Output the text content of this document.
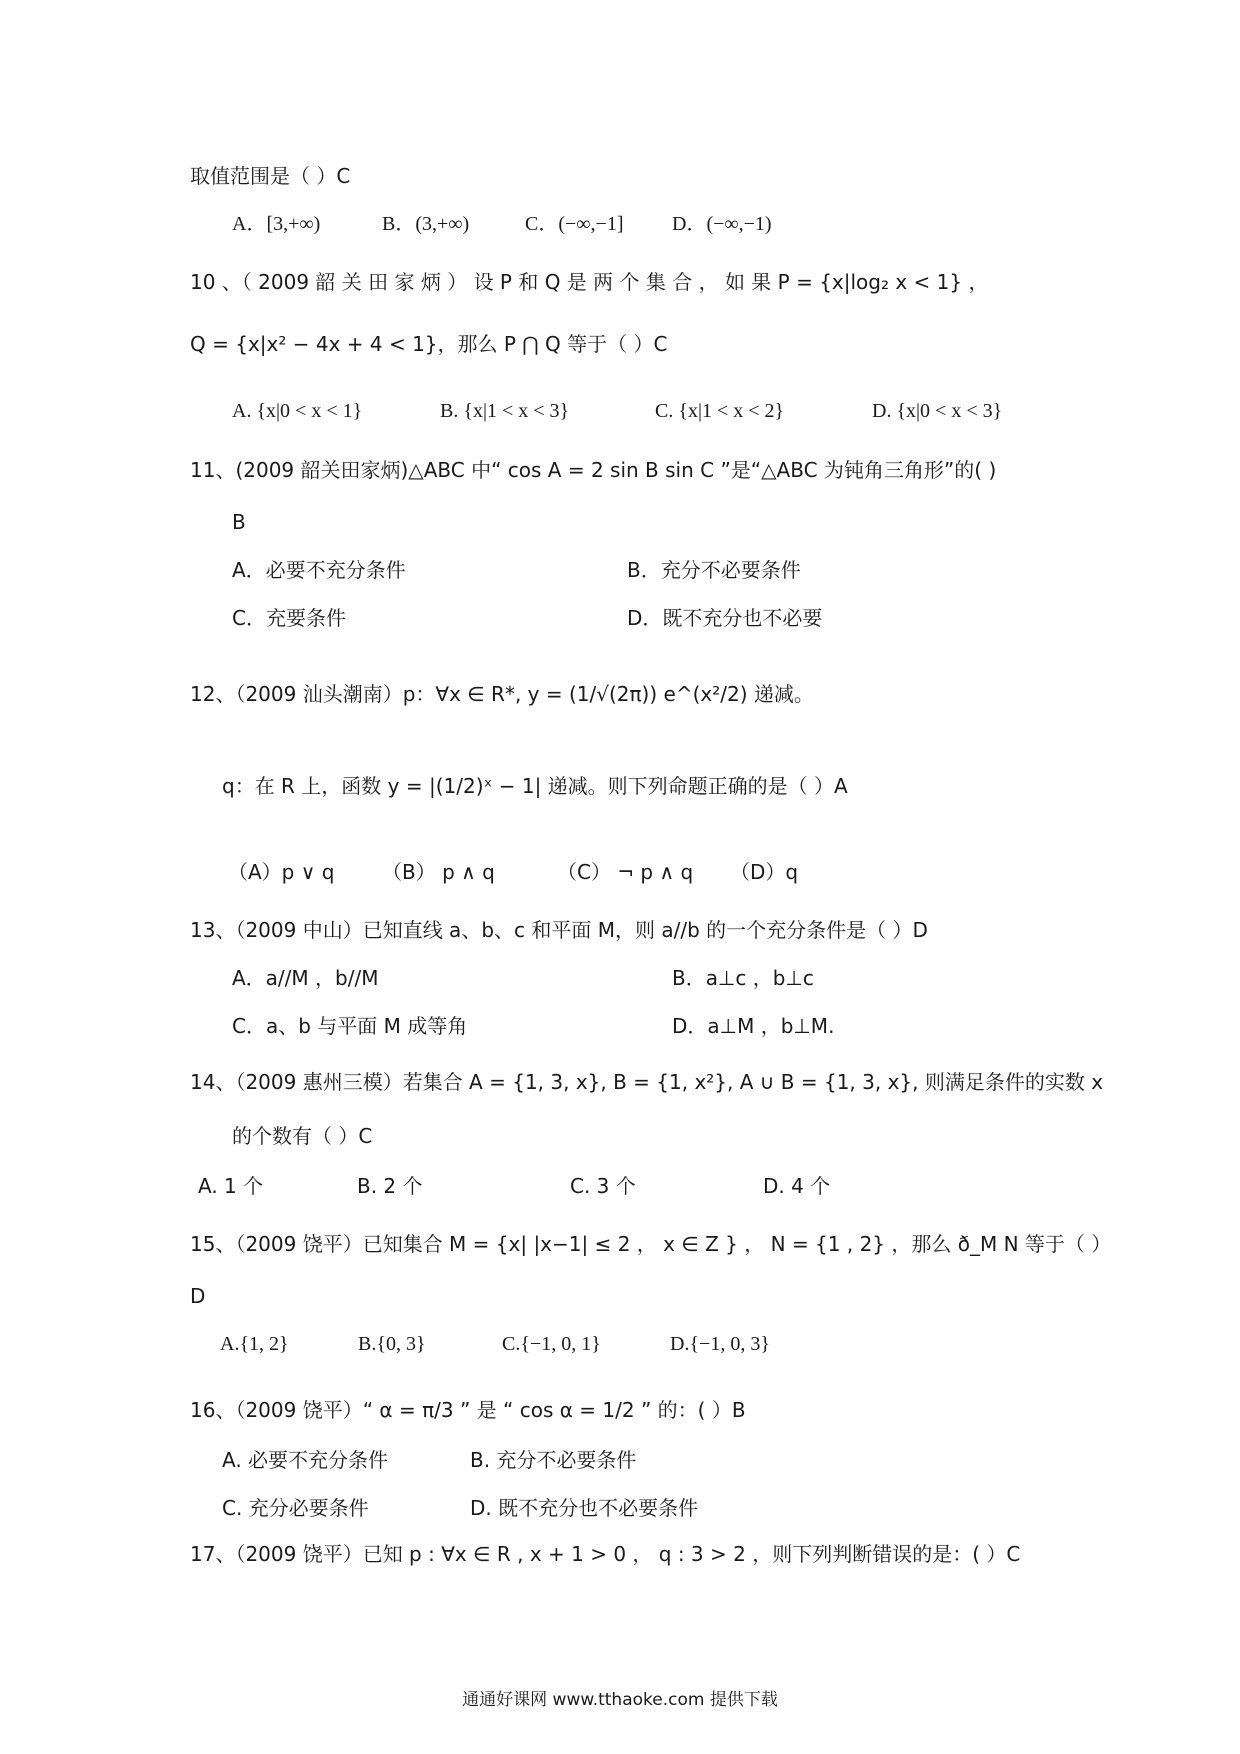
取值范围是（ ）C
A．[3,+∞)	B．(3,+∞)	C．(−∞,−1] D．(−∞,−1)
10 、（ 2009 韶 关 田 家 炳 ） 设 P 和 Q 是 两 个 集 合 ， 如 果 P = {x|log₂ x < 1} ，
Q = {x|x² − 4x + 4 < 1}，那么 P ⋂ Q 等于（ ）C
A. {x|0 < x < 1}	B. {x|1 < x < 3}	C. {x|1 < x < 2}	D. {x|0 < x < 3}
11、(2009 韶关田家炳)△ABC 中“ cos A = 2 sin B sin C ”是“△ABC 为钝角三角形”的( )
B
A．必要不充分条件	B．充分不必要条件
C．充要条件	D．既不充分也不必要
12、（2009 汕头潮南）p：∀x ∈ R*, y = (1/√(2π)) e^(x²/2) 递减。
q：在 R 上，函数 y = |(1/2)ˣ − 1| 递减。则下列命题正确的是（ ）A
（A）p ∨ q （B） p ∧ q	（C） ¬ p ∧ q （D）q
13、（2009 中山）已知直线 a、b、c 和平面 M，则 a//b 的一个充分条件是（ ）D
A．a//M ，b//M	B．a⊥c ，b⊥c
C．a、b 与平面 M 成等角	D．a⊥M ，b⊥M.
14、（2009 惠州三模）若集合 A = {1, 3, x}, B = {1, x²}, A ∪ B = {1, 3, x}, 则满足条件的实数 x
的个数有（ ）C
A. 1 个	B. 2 个	C. 3 个	D. 4 个
15、（2009 饶平）已知集合 M = {x| |x−1| ≤ 2 ， x ∈ Z } ， N = {1 , 2} ，那么 ð_M N 等于（ ）
D
A.{1, 2}	B.{0, 3}	C.{−1, 0, 1}	D.{−1, 0, 3}
16、（2009 饶平）“ α = π/3 ” 是 “ cos α = 1/2 ” 的：( ）B
A. 必要不充分条件	B. 充分不必要条件
C. 充分必要条件	D. 既不充分也不必要条件
17、（2009 饶平）已知 p : ∀x ∈ R , x + 1 > 0 ， q : 3 > 2 ，则下列判断错误的是：( ）C
通通好课网 www.tthaoke.com 提供下载
